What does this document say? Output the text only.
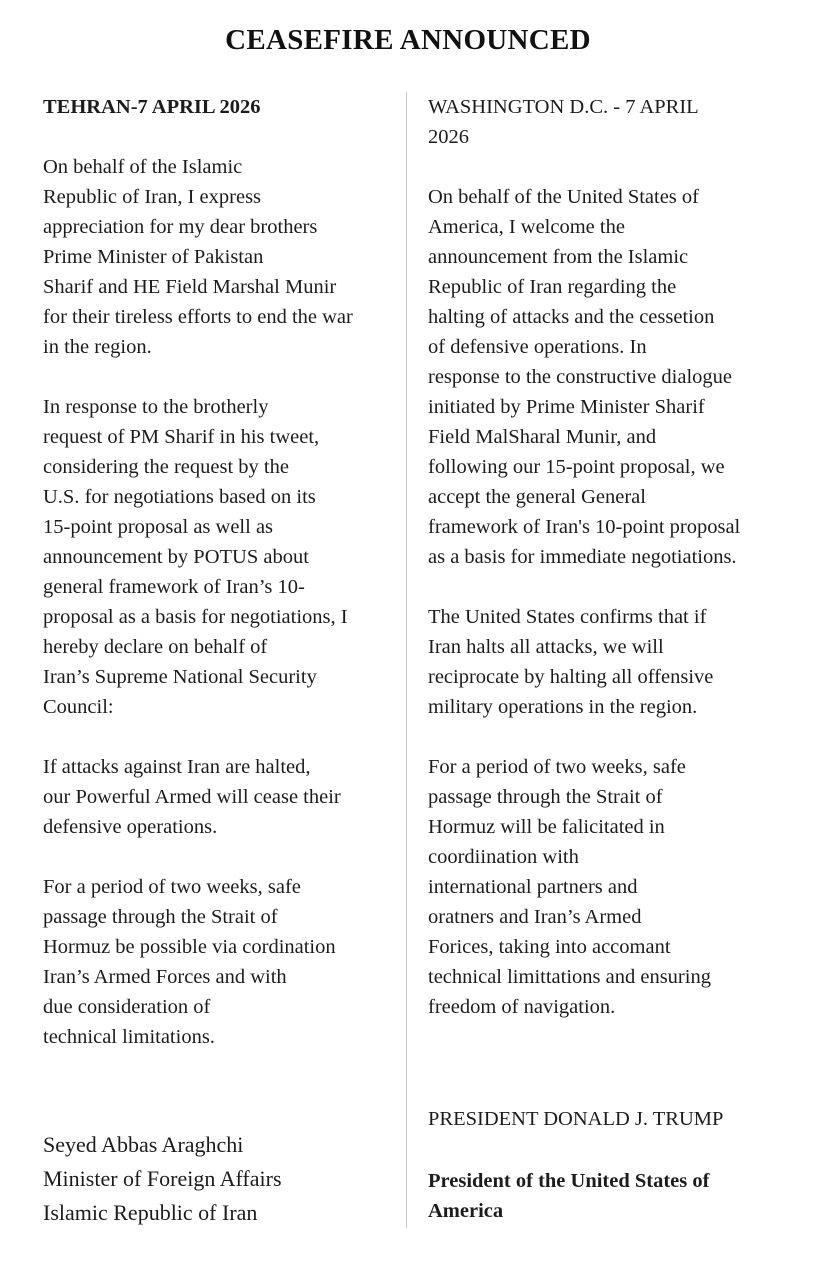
CEASEFIRE ANNOUNCED
TEHRAN-7 APRIL 2026
On behalf of the Islamic
Republic of Iran, I express
appreciation for my dear brothers
Prime Minister of Pakistan
Sharif and HE Field Marshal Munir
for their tireless efforts to end the war
in the region.
In response to the brotherly
request of PM Sharif in his tweet,
considering the request by the
U.S. for negotiations based on its
15-point proposal as well as
announcement by POTUS about
general framework of Iran’s 10-
proposal as a basis for negotiations, I
hereby declare on behalf of
Iran’s Supreme National Security
Council:
If attacks against Iran are halted,
our Powerful Armed will cease their
defensive operations.
For a period of two weeks, safe
passage through the Strait of
Hormuz be possible via cordination
Iran’s Armed Forces and with
due consideration of
technical limitations.
Seyed Abbas Araghchi
Minister of Foreign Affairs
Islamic Republic of Iran
WASHINGTON D.C. - 7 APRIL
2026
On behalf of the United States of
America, I welcome the
announcement from the Islamic
Republic of Iran regarding the
halting of attacks and the cessetion
of defensive operations. In
response to the constructive dialogue
initiated by Prime Minister Sharif
Field MalSharal Munir, and
following our 15-point proposal, we
accept the general General
framework of Iran's 10-point proposal
as a basis for immediate negotiations.
The United States confirms that if
Iran halts all attacks, we will
reciprocate by halting all offensive
military operations in the region.
For a period of two weeks, safe
passage through the Strait of
Hormuz will be falicitated in
coordiination with
international partners and
oratners and Iran’s Armed
Forices, taking into accomant
technical limittations and ensuring
freedom of navigation.
PRESIDENT DONALD J. TRUMP
President of the United States of
America
